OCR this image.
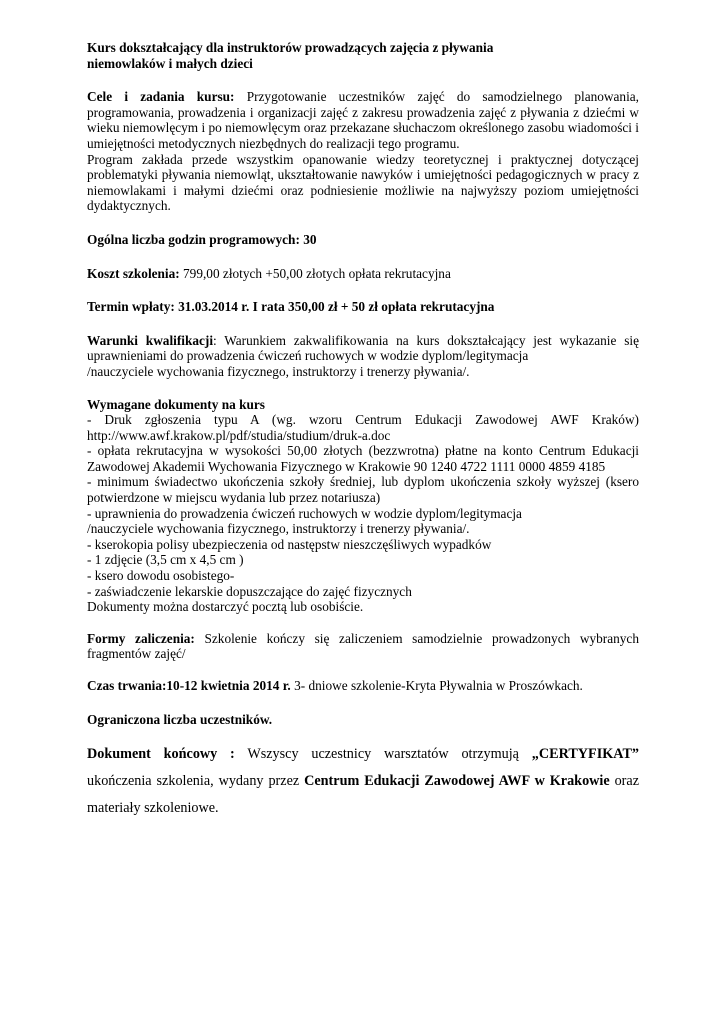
Kurs dokształcający dla instruktorów prowadzących zajęcia z pływania
niemowlaków i małych dzieci

Cele i zadania kursu: Przygotowanie uczestników zajęć do samodzielnego planowania, programowania, prowadzenia i organizacji zajęć z zakresu prowadzenia zajęć z pływania z dziećmi w wieku niemowlęcym i po niemowlęcym oraz przekazane słuchaczom określonego zasobu wiadomości i umiejętności metodycznych niezbędnych do realizacji tego programu.

Program zakłada przede wszystkim opanowanie wiedzy teoretycznej i praktycznej dotyczącej problematyki pływania niemowląt, ukształtowanie nawyków i umiejętności pedagogicznych w pracy z niemowlakami i małymi dziećmi oraz podniesienie możliwie na najwyższy poziom umiejętności dydaktycznych.

Ogólna liczba godzin programowych: 30

Koszt szkolenia: 799,00 złotych +50,00 złotych opłata rekrutacyjna

Termin wpłaty: 31.03.2014 r. I rata 350,00 zł + 50 zł opłata rekrutacyjna

Warunki kwalifikacji: Warunkiem zakwalifikowania na kurs dokształcający jest wykazanie się uprawnieniami do prowadzenia ćwiczeń ruchowych w wodzie dyplom/legitymacja

/nauczyciele wychowania fizycznego, instruktorzy i trenerzy pływania/.

Wymagane dokumenty na kurs

- Druk zgłoszenia typu A (wg. wzoru Centrum Edukacji Zawodowej AWF Kraków) http://www.awf.krakow.pl/pdf/studia/studium/druk-a.doc
- opłata rekrutacyjna w wysokości 50,00 złotych (bezzwrotna) płatne na konto Centrum Edukacji Zawodowej Akademii Wychowania Fizycznego w Krakowie 90 1240 4722 1111 0000 4859 4185
- minimum świadectwo ukończenia szkoły średniej, lub dyplom ukończenia szkoły wyższej (ksero potwierdzone w miejscu wydania lub przez notariusza)
- uprawnienia do prowadzenia ćwiczeń ruchowych w wodzie dyplom/legitymacja
/nauczyciele wychowania fizycznego, instruktorzy i trenerzy pływania/.
- kserokopia polisy ubezpieczenia od następstw nieszczęśliwych wypadków
- 1 zdjęcie (3,5 cm x 4,5 cm )
- ksero dowodu osobistego-
- zaświadczenie lekarskie dopuszczające do zajęć fizycznych

Dokumenty można dostarczyć pocztą lub osobiście.

Formy zaliczenia: Szkolenie kończy się zaliczeniem samodzielnie prowadzonych wybranych fragmentów zajęć/

Czas trwania:10-12 kwietnia 2014 r. 3- dniowe szkolenie-Kryta Pływalnia w Proszówkach.

Ograniczona liczba uczestników.

Dokument końcowy : Wszyscy uczestnicy warsztatów otrzymują „CERTYFIKAT” ukończenia szkolenia, wydany przez Centrum Edukacji Zawodowej AWF w Krakowie oraz materiały szkoleniowe.
